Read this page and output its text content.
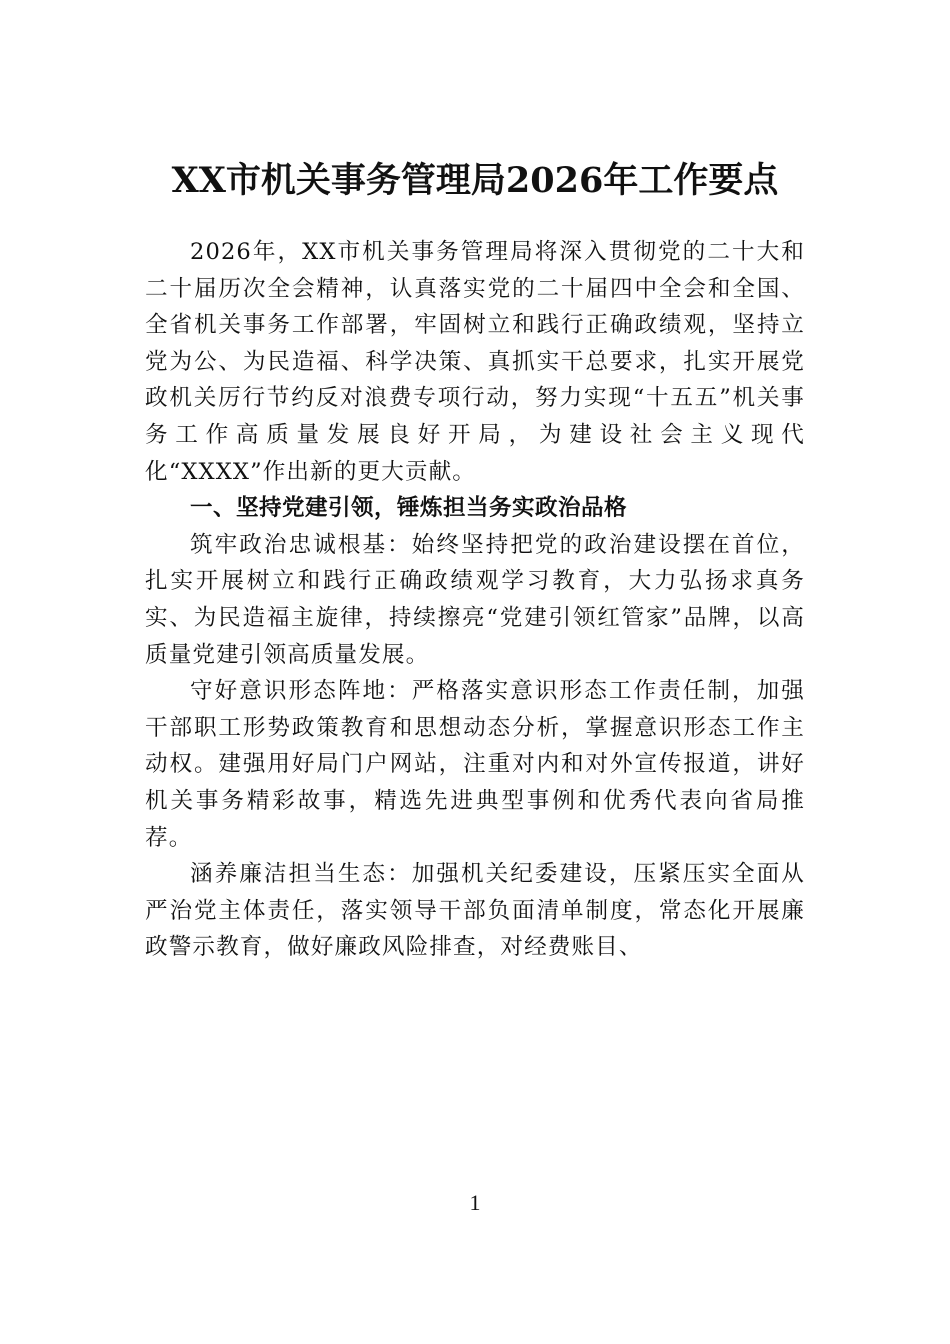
XX市机关事务管理局2026年工作要点

2026年，XX市机关事务管理局将深入贯彻党的二十大和二十届历次全会精神，认真落实党的二十届四中全会和全国、全省机关事务工作部署，牢固树立和践行正确政绩观，坚持立党为公、为民造福、科学决策、真抓实干总要求，扎实开展党政机关厉行节约反对浪费专项行动，努力实现“十五五”机关事务工作高质量发展良好开局，为建设社会主义现代化“XXXX”作出新的更大贡献。

一、坚持党建引领，锤炼担当务实政治品格

筑牢政治忠诚根基：始终坚持把党的政治建设摆在首位，扎实开展树立和践行正确政绩观学习教育，大力弘扬求真务实、为民造福主旋律，持续擦亮“党建引领红管家”品牌，以高质量党建引领高质量发展。

守好意识形态阵地：严格落实意识形态工作责任制，加强干部职工形势政策教育和思想动态分析，掌握意识形态工作主动权。建强用好局门户网站，注重对内和对外宣传报道，讲好机关事务精彩故事，精选先进典型事例和优秀代表向省局推荐。

涵养廉洁担当生态：加强机关纪委建设，压紧压实全面从严治党主体责任，落实领导干部负面清单制度，常态化开展廉政警示教育，做好廉政风险排查，对经费账目、

1
